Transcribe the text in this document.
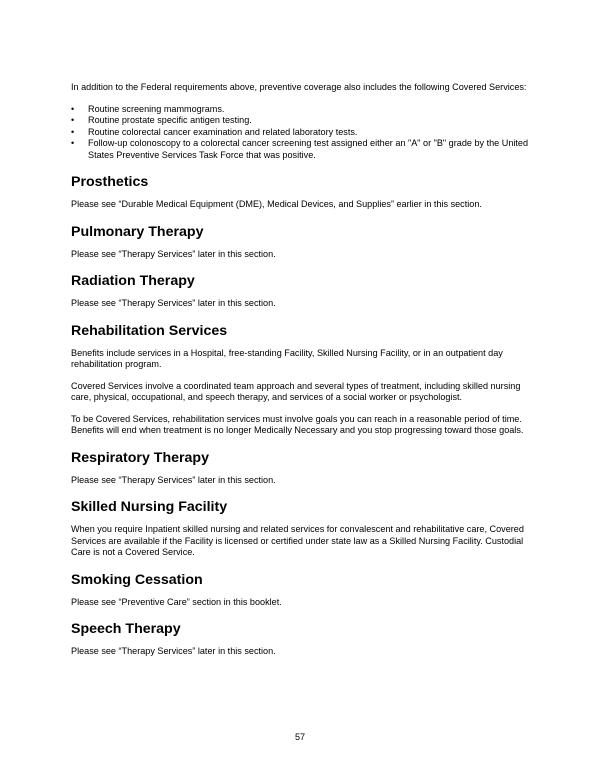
In addition to the Federal requirements above, preventive coverage also includes the following Covered Services:

• Routine screening mammograms.
• Routine prostate specific antigen testing.
• Routine colorectal cancer examination and related laboratory tests.
• Follow-up colonoscopy to a colorectal cancer screening test assigned either an "A" or "B" grade by the United States Preventive Services Task Force that was positive.
Prosthetics

Please see “Durable Medical Equipment (DME), Medical Devices, and Supplies” earlier in this section.

Pulmonary Therapy

Please see “Therapy Services” later in this section.

Radiation Therapy

Please see “Therapy Services” later in this section.

Rehabilitation Services

Benefits include services in a Hospital, free-standing Facility, Skilled Nursing Facility, or in an outpatient day rehabilitation program.

Covered Services involve a coordinated team approach and several types of treatment, including skilled nursing care, physical, occupational, and speech therapy, and services of a social worker or psychologist.

To be Covered Services, rehabilitation services must involve goals you can reach in a reasonable period of time. Benefits will end when treatment is no longer Medically Necessary and you stop progressing toward those goals.

Respiratory Therapy

Please see “Therapy Services” later in this section.

Skilled Nursing Facility

When you require Inpatient skilled nursing and related services for convalescent and rehabilitative care, Covered Services are available if the Facility is licensed or certified under state law as a Skilled Nursing Facility. Custodial Care is not a Covered Service.

Smoking Cessation

Please see “Preventive Care” section in this booklet.

Speech Therapy

Please see “Therapy Services” later in this section.

57
